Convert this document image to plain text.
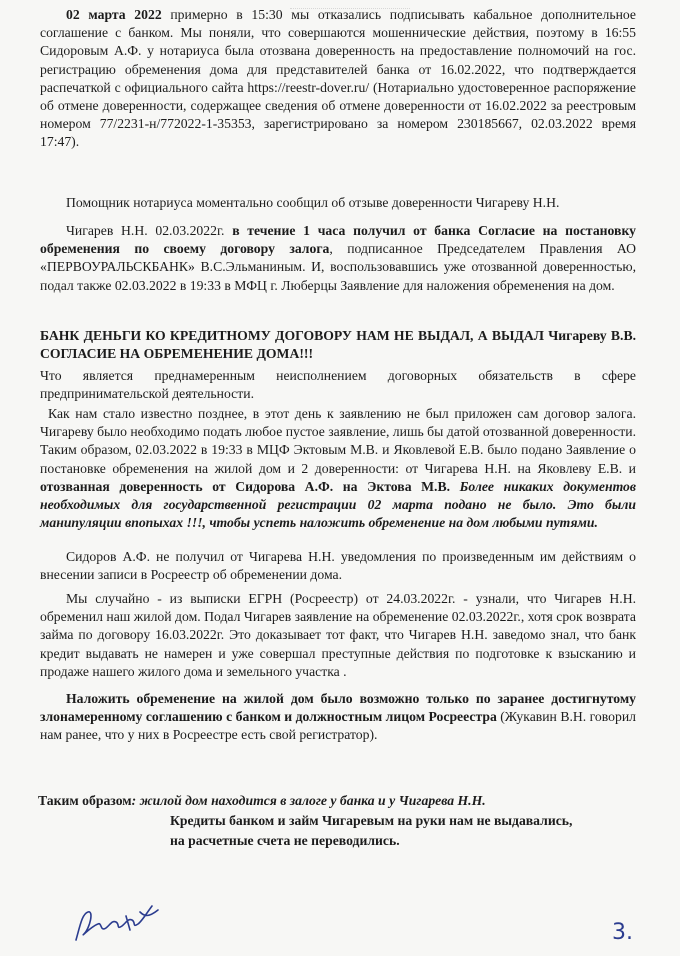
02 марта 2022 примерно в 15:30 мы отказались подписывать кабальное дополнительное соглашение с банком. Мы поняли, что совершаются мошеннические действия, поэтому в 16:55 Сидоровым А.Ф. у нотариуса была отозвана доверенность на предоставление полномочий на гос. регистрацию обременения дома для представителей банка от 16.02.2022, что подтверждается распечаткой с официального сайта https://reestr-dover.ru/ (Нотариально удостоверенное распоряжение об отмене доверенности, содержащее сведения об отмене доверенности от 16.02.2022 за реестровым номером 77/2231-н/772022-1-35353, зарегистрировано за номером 230185667, 02.03.2022 время 17:47).

Помощник нотариуса моментально сообщил об отзыве доверенности Чигареву Н.Н.

Чигарев Н.Н. 02.03.2022г. в течение 1 часа получил от банка Согласие на постановку обременения по своему договору залога, подписанное Председателем Правления АО «ПЕРВОУРАЛЬСКБАНК» В.С.Эльманиным. И, воспользовавшись уже отозванной доверенностью, подал также 02.03.2022 в 19:33 в МФЦ г. Люберцы Заявление для наложения обременения на дом.

БАНК ДЕНЬГИ КО КРЕДИТНОМУ ДОГОВОРУ НАМ НЕ ВЫДАЛ, А ВЫДАЛ Чигареву В.В. СОГЛАСИЕ НА ОБРЕМЕНЕНИЕ ДОМА!!!

Что является преднамеренным неисполнением договорных обязательств в сфере предпринимательской деятельности.

Как нам стало известно позднее, в этот день к заявлению не был приложен сам договор залога. Чигареву было необходимо подать любое пустое заявление, лишь бы датой отозванной доверенности. Таким образом, 02.03.2022 в 19:33 в МЦФ Эктовым М.В. и Яковлевой Е.В. было подано Заявление о постановке обременения на жилой дом и 2 доверенности: от Чигарева Н.Н. на Яковлеву Е.В. и отозванная доверенность от Сидорова А.Ф. на Эктова М.В. Более никаких документов необходимых для государственной регистрации 02 марта подано не было. Это были манипуляции впопыхах !!!, чтобы успеть наложить обременение на дом любыми путями.

Сидоров А.Ф. не получил от Чигарева Н.Н. уведомления по произведенным им действиям о внесении записи в Росреестр об обременении дома.

Мы случайно - из выписки ЕГРН (Росреестр) от 24.03.2022г. - узнали, что Чигарев Н.Н. обременил наш жилой дом. Подал Чигарев заявление на обременение 02.03.2022г., хотя срок возврата займа по договору 16.03.2022г. Это доказывает тот факт, что Чигарев Н.Н. заведомо знал, что банк кредит выдавать не намерен и уже совершал преступные действия по подготовке к взысканию и продаже нашего жилого дома и земельного участка .

Наложить обременение на жилой дом было возможно только по заранее достигнутому злонамеренному соглашению с банком и должностным лицом Росреестра (Жукавин В.Н. говорил нам ранее, что у них в Росреестре есть свой регистратор).

Таким образом: жилой дом находится в залоге у банка и у Чигарева Н.Н.
Кредиты банком и займ Чигаревым на руки нам не выдавались,
на расчетные счета не переводились.
3.
